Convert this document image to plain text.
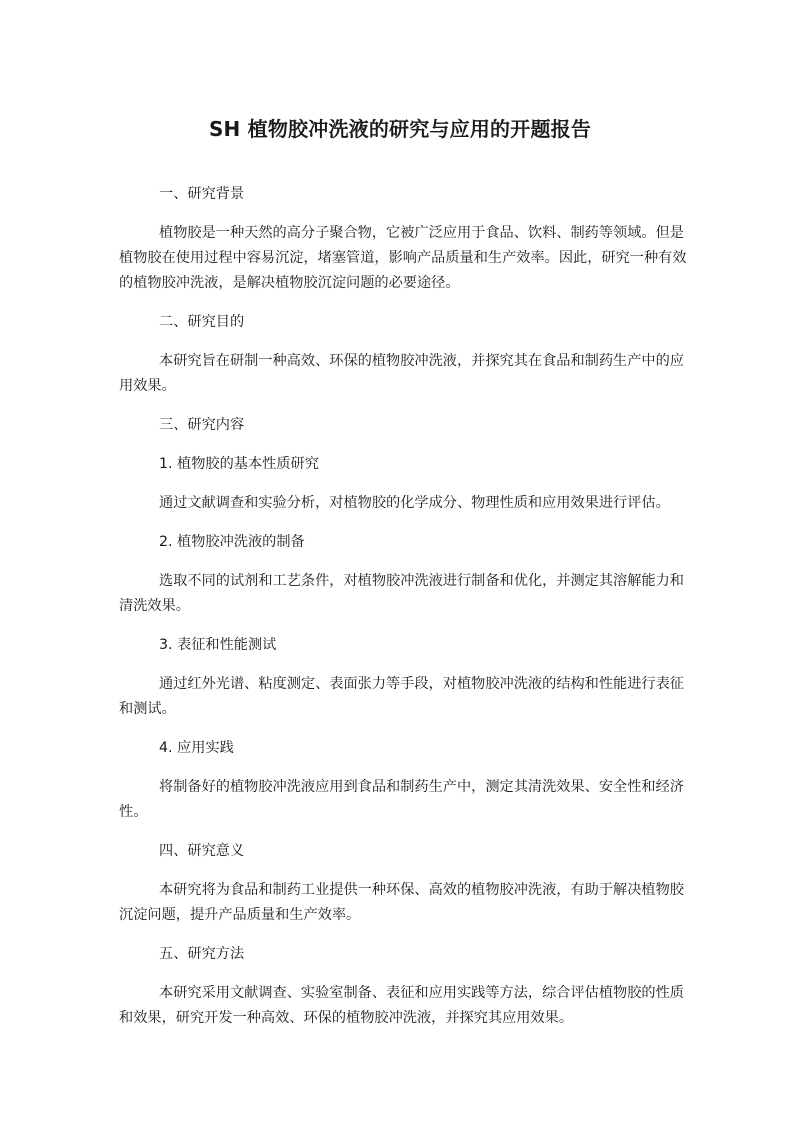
SH 植物胶冲洗液的研究与应用的开题报告

一、研究背景

植物胶是一种天然的高分子聚合物，它被广泛应用于食品、饮料、制药等领域。但是植物胶在使用过程中容易沉淀，堵塞管道，影响产品质量和生产效率。因此，研究一种有效的植物胶冲洗液，是解决植物胶沉淀问题的必要途径。

二、研究目的

本研究旨在研制一种高效、环保的植物胶冲洗液，并探究其在食品和制药生产中的应用效果。

三、研究内容

1. 植物胶的基本性质研究

通过文献调查和实验分析，对植物胶的化学成分、物理性质和应用效果进行评估。

2. 植物胶冲洗液的制备

选取不同的试剂和工艺条件，对植物胶冲洗液进行制备和优化，并测定其溶解能力和清洗效果。

3. 表征和性能测试

通过红外光谱、粘度测定、表面张力等手段，对植物胶冲洗液的结构和性能进行表征和测试。

4. 应用实践

将制备好的植物胶冲洗液应用到食品和制药生产中，测定其清洗效果、安全性和经济性。

四、研究意义

本研究将为食品和制药工业提供一种环保、高效的植物胶冲洗液，有助于解决植物胶沉淀问题，提升产品质量和生产效率。

五、研究方法

本研究采用文献调查、实验室制备、表征和应用实践等方法，综合评估植物胶的性质和效果，研究开发一种高效、环保的植物胶冲洗液，并探究其应用效果。
